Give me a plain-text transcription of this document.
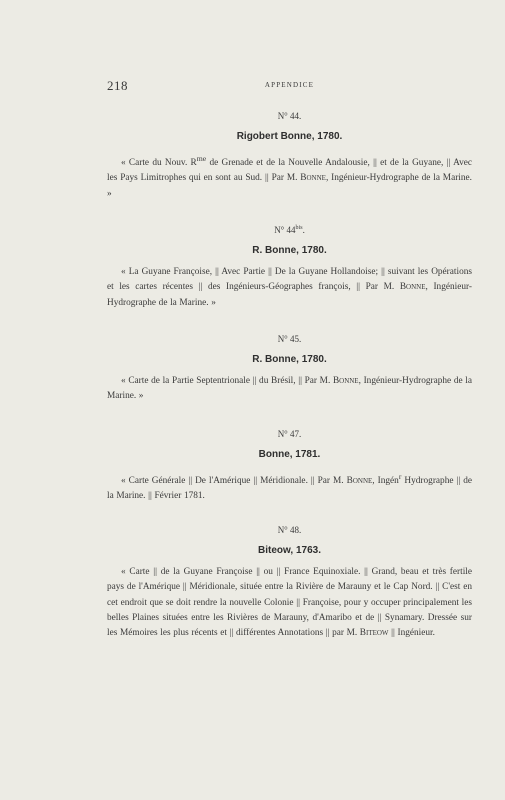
218	APPENDICE
N° 44.
Rigobert Bonne, 1780.
« Carte du Nouv. $R^{me}$ de Grenade et de la Nouvelle Andalousie, || et de la Guyane, || Avec les Pays Limitrophes qui en sont au Sud. || Par M. Bonne, Ingénieur-Hydrographe de la Marine. »
N° $44^{bis}$.
R. Bonne, 1780.
« La Guyane Françoise, || Avec Partie || De la Guyane Hollandoise; || suivant les Opérations et les cartes récentes || des Ingénieurs-Géographes françois, || Par M. Bonne, Ingénieur-Hydrographe de la Marine. »
N° 45.
R. Bonne, 1780.
« Carte de la Partie Septentrionale || du Brésil, || Par M. Bonne, Ingénieur-Hydrographe de la Marine. »
N° 47.
Bonne, 1781.
« Carte Générale || De l'Amérique || Méridionale. || Par M. Bonne, Ingén$^r$ Hydrographe || de la Marine. || Février 1781.
N° 48.
Biteow, 1763.
« Carte || de la Guyane Françoise || ou || France Equinoxiale. || Grand, beau et très fertile pays de l'Amérique || Méridionale, située entre la Rivière de Marauny et le Cap Nord. || C'est en cet endroit que se doit rendre la nouvelle Colonie || Françoise, pour y occuper principalement les belles Plaines situées entre les Rivières de Marauny, d'Amaribo et de || Synamary. Dressée sur les Mémoires les plus récents et || différentes Annotations || par M. Biteow || Ingénieur.
